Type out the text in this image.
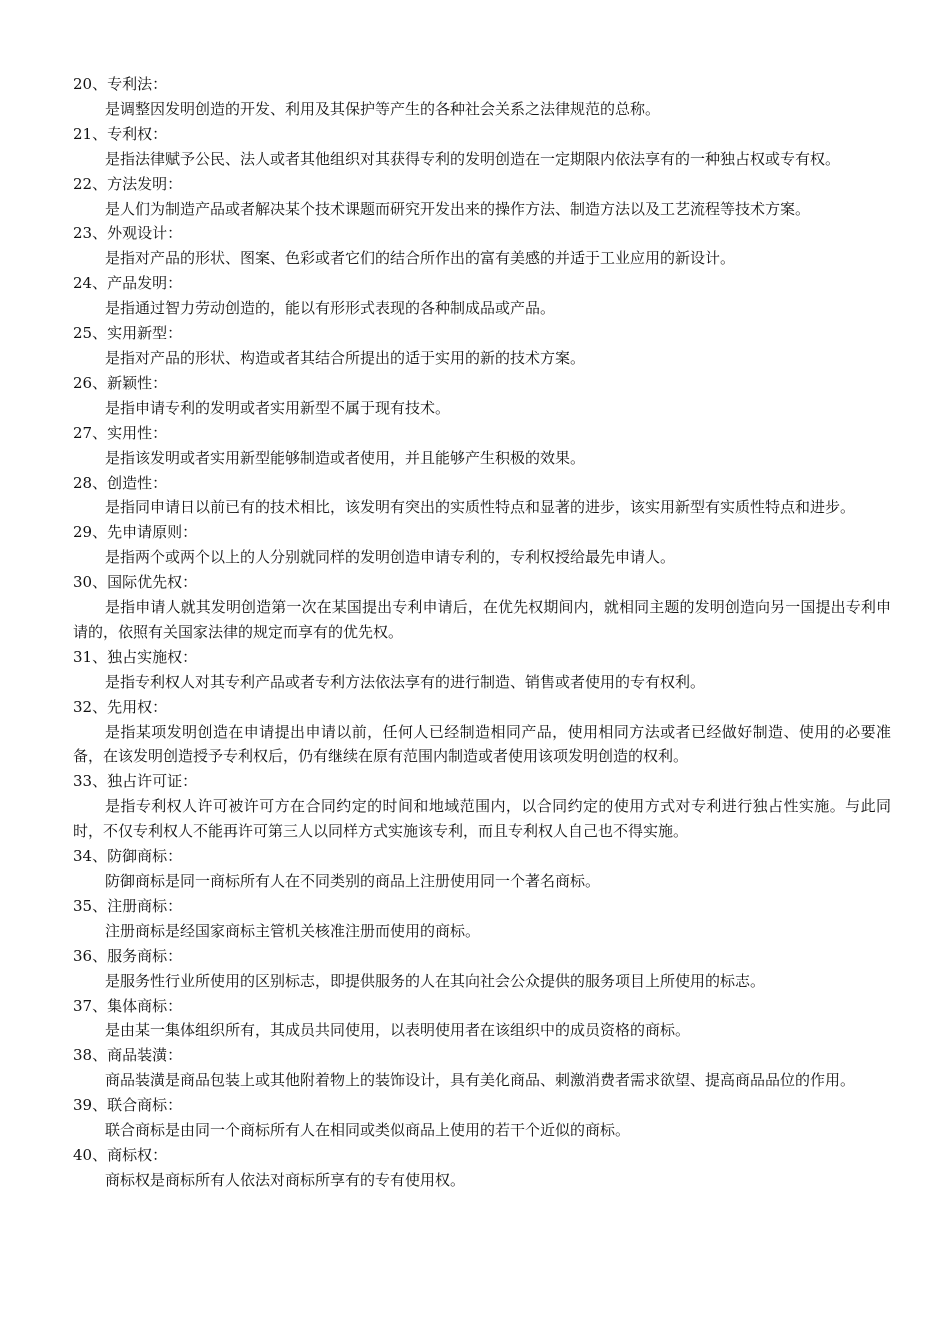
20、专利法：
是调整因发明创造的开发、利用及其保护等产生的各种社会关系之法律规范的总称。
21、专利权：
是指法律赋予公民、法人或者其他组织对其获得专利的发明创造在一定期限内依法享有的一种独占权或专有权。
22、方法发明：
是人们为制造产品或者解决某个技术课题而研究开发出来的操作方法、制造方法以及工艺流程等技术方案。
23、外观设计：
是指对产品的形状、图案、色彩或者它们的结合所作出的富有美感的并适于工业应用的新设计。
24、产品发明：
是指通过智力劳动创造的，能以有形形式表现的各种制成品或产品。
25、实用新型：
是指对产品的形状、构造或者其结合所提出的适于实用的新的技术方案。
26、新颖性：
是指申请专利的发明或者实用新型不属于现有技术。
27、实用性：
是指该发明或者实用新型能够制造或者使用，并且能够产生积极的效果。
28、创造性：
是指同申请日以前已有的技术相比，该发明有突出的实质性特点和显著的进步，该实用新型有实质性特点和进步。
29、先申请原则：
是指两个或两个以上的人分别就同样的发明创造申请专利的，专利权授给最先申请人。
30、国际优先权：
是指申请人就其发明创造第一次在某国提出专利申请后，在优先权期间内，就相同主题的发明创造向另一国提出专利申请的，依照有关国家法律的规定而享有的优先权。
31、独占实施权：
是指专利权人对其专利产品或者专利方法依法享有的进行制造、销售或者使用的专有权利。
32、先用权：
是指某项发明创造在申请提出申请以前，任何人已经制造相同产品，使用相同方法或者已经做好制造、使用的必要准备，在该发明创造授予专利权后，仍有继续在原有范围内制造或者使用该项发明创造的权利。
33、独占许可证：
是指专利权人许可被许可方在合同约定的时间和地域范围内，以合同约定的使用方式对专利进行独占性实施。与此同时，不仅专利权人不能再许可第三人以同样方式实施该专利，而且专利权人自己也不得实施。
34、防御商标：
防御商标是同一商标所有人在不同类别的商品上注册使用同一个著名商标。
35、注册商标：
注册商标是经国家商标主管机关核准注册而使用的商标。
36、服务商标：
是服务性行业所使用的区别标志，即提供服务的人在其向社会公众提供的服务项目上所使用的标志。
37、集体商标：
是由某一集体组织所有，其成员共同使用，以表明使用者在该组织中的成员资格的商标。
38、商品装潢：
商品装潢是商品包装上或其他附着物上的装饰设计，具有美化商品、刺激消费者需求欲望、提高商品品位的作用。
39、联合商标：
联合商标是由同一个商标所有人在相同或类似商品上使用的若干个近似的商标。
40、商标权：
商标权是商标所有人依法对商标所享有的专有使用权。
